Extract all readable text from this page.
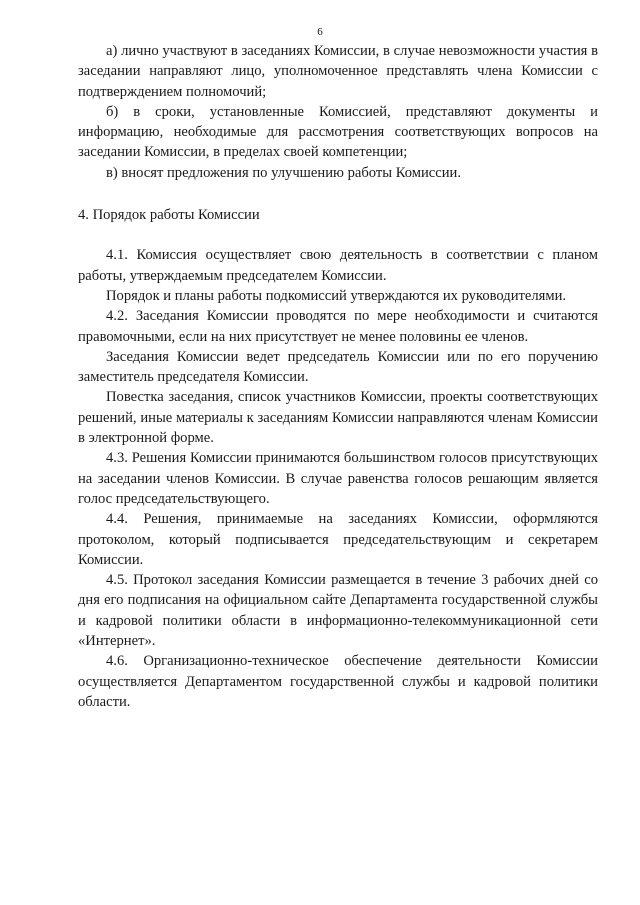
6

а) лично участвуют в заседаниях Комиссии, в случае невозможности участия в заседании направляют лицо, уполномоченное представлять члена Комиссии с подтверждением полномочий;

б) в сроки, установленные Комиссией, представляют документы и информацию, необходимые для рассмотрения соответствующих вопросов на заседании Комиссии, в пределах своей компетенции;

в) вносят предложения по улучшению работы Комиссии.

4. Порядок работы Комиссии

4.1. Комиссия осуществляет свою деятельность в соответствии с планом работы, утверждаемым председателем Комиссии.

Порядок и планы работы подкомиссий утверждаются их руководителями.

4.2. Заседания Комиссии проводятся по мере необходимости и считаются правомочными, если на них присутствует не менее половины ее членов.

Заседания Комиссии ведет председатель Комиссии или по его поручению заместитель председателя Комиссии.

Повестка заседания, список участников Комиссии, проекты соответствующих решений, иные материалы к заседаниям Комиссии направляются членам Комиссии в электронной форме.

4.3. Решения Комиссии принимаются большинством голосов присутствующих на заседании членов Комиссии. В случае равенства голосов решающим является голос председательствующего.

4.4. Решения, принимаемые на заседаниях Комиссии, оформляются протоколом, который подписывается председательствующим и секретарем Комиссии.

4.5. Протокол заседания Комиссии размещается в течение 3 рабочих дней со дня его подписания на официальном сайте Департамента государственной службы и кадровой политики области в информационно-телекоммуникационной сети «Интернет».

4.6. Организационно-техническое обеспечение деятельности Комиссии осуществляется Департаментом государственной службы и кадровой политики области.
